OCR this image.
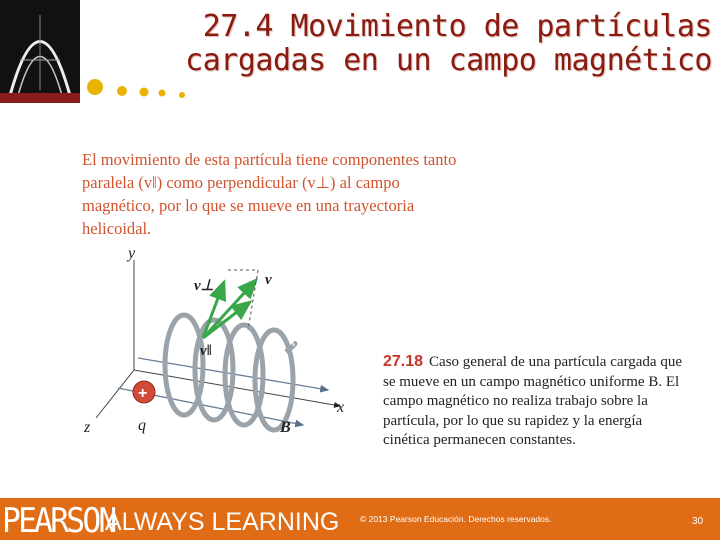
27.4 Movimiento de partículas
cargadas en un campo magnético
El movimiento de esta partícula tiene componentes tanto paralela (v‖) como perpendicular (v⊥) al campo magnético, por lo que se mueve en una trayectoria helicoidal.
+
y
x
z
v⊥
v‖
v
q	B
27.18 Caso general de una partícula cargada que se mueve en un campo magnético uniforme B. El campo magnético no realiza trabajo sobre la partícula, por lo que su rapidez y la energía cinética permanecen constantes.
PEARSON
ALWAYS LEARNING © 2013 Pearson Educación. Derechos reservados.	30
